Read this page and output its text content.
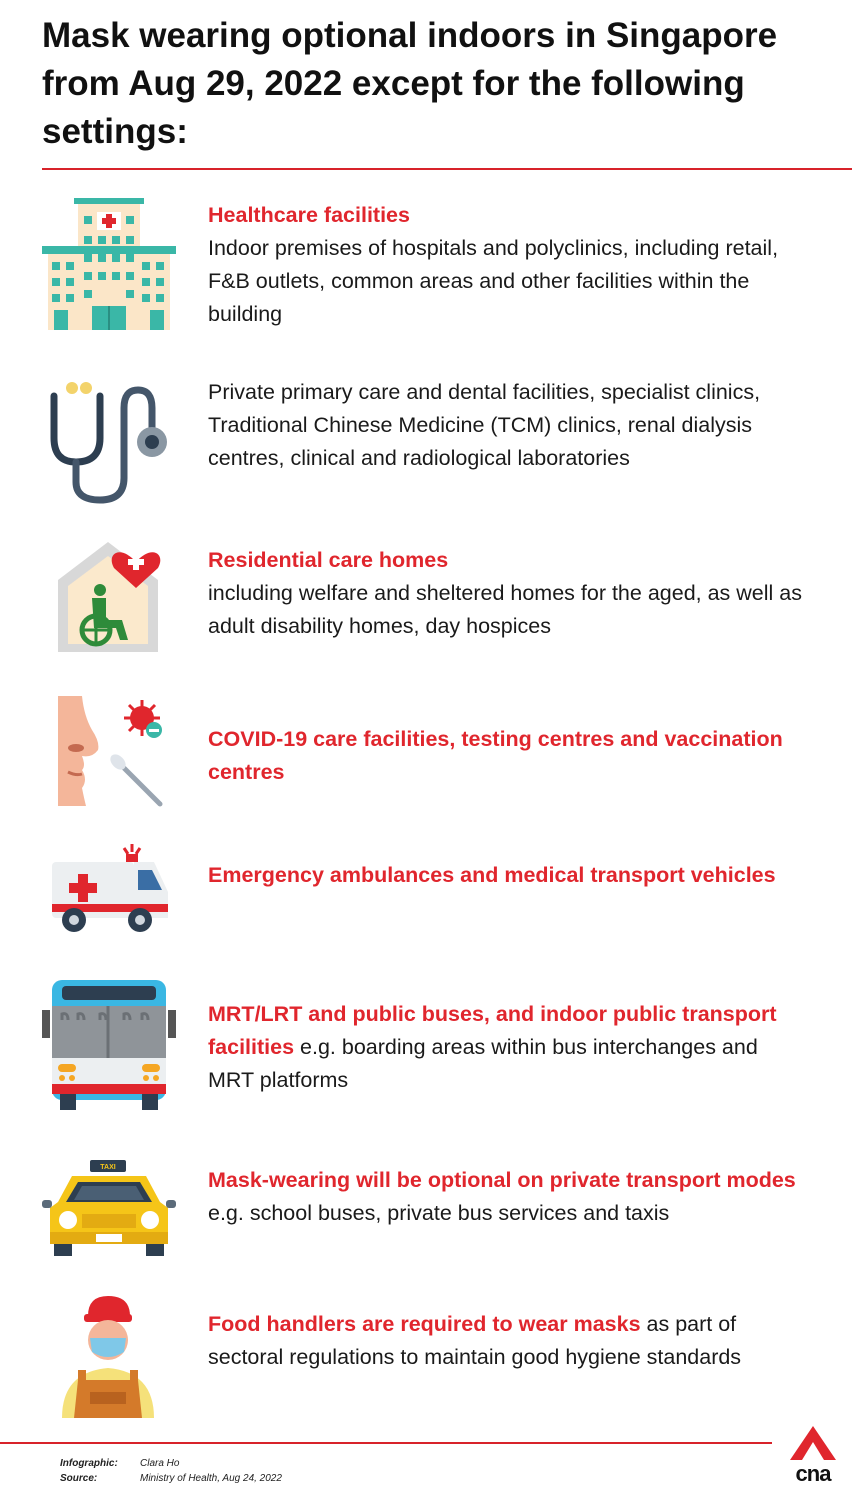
Mask wearing optional indoors in Singapore from Aug 29, 2022 except for the following settings:
Healthcare facilities
Indoor premises of hospitals and polyclinics, including retail, F&B outlets, common areas and other facilities within the building
Private primary care and dental facilities, specialist clinics, Traditional Chinese Medicine (TCM) clinics, renal dialysis centres, clinical and radiological laboratories
Residential care homes
including welfare and sheltered homes for the aged, as well as adult disability homes, day hospices
COVID-19 care facilities, testing centres and vaccination centres
Emergency ambulances and medical transport vehicles
MRT/LRT and public buses, and indoor public transport facilities e.g. boarding areas within bus interchanges and MRT platforms
TAXI
Mask-wearing will be optional on private transport modes e.g. school buses, private bus services and taxis
Food handlers are required to wear masks as part of sectoral regulations to maintain good hygiene standards
Infographic: Clara Ho
Source:	Ministry of Health, Aug 24, 2022	cna
